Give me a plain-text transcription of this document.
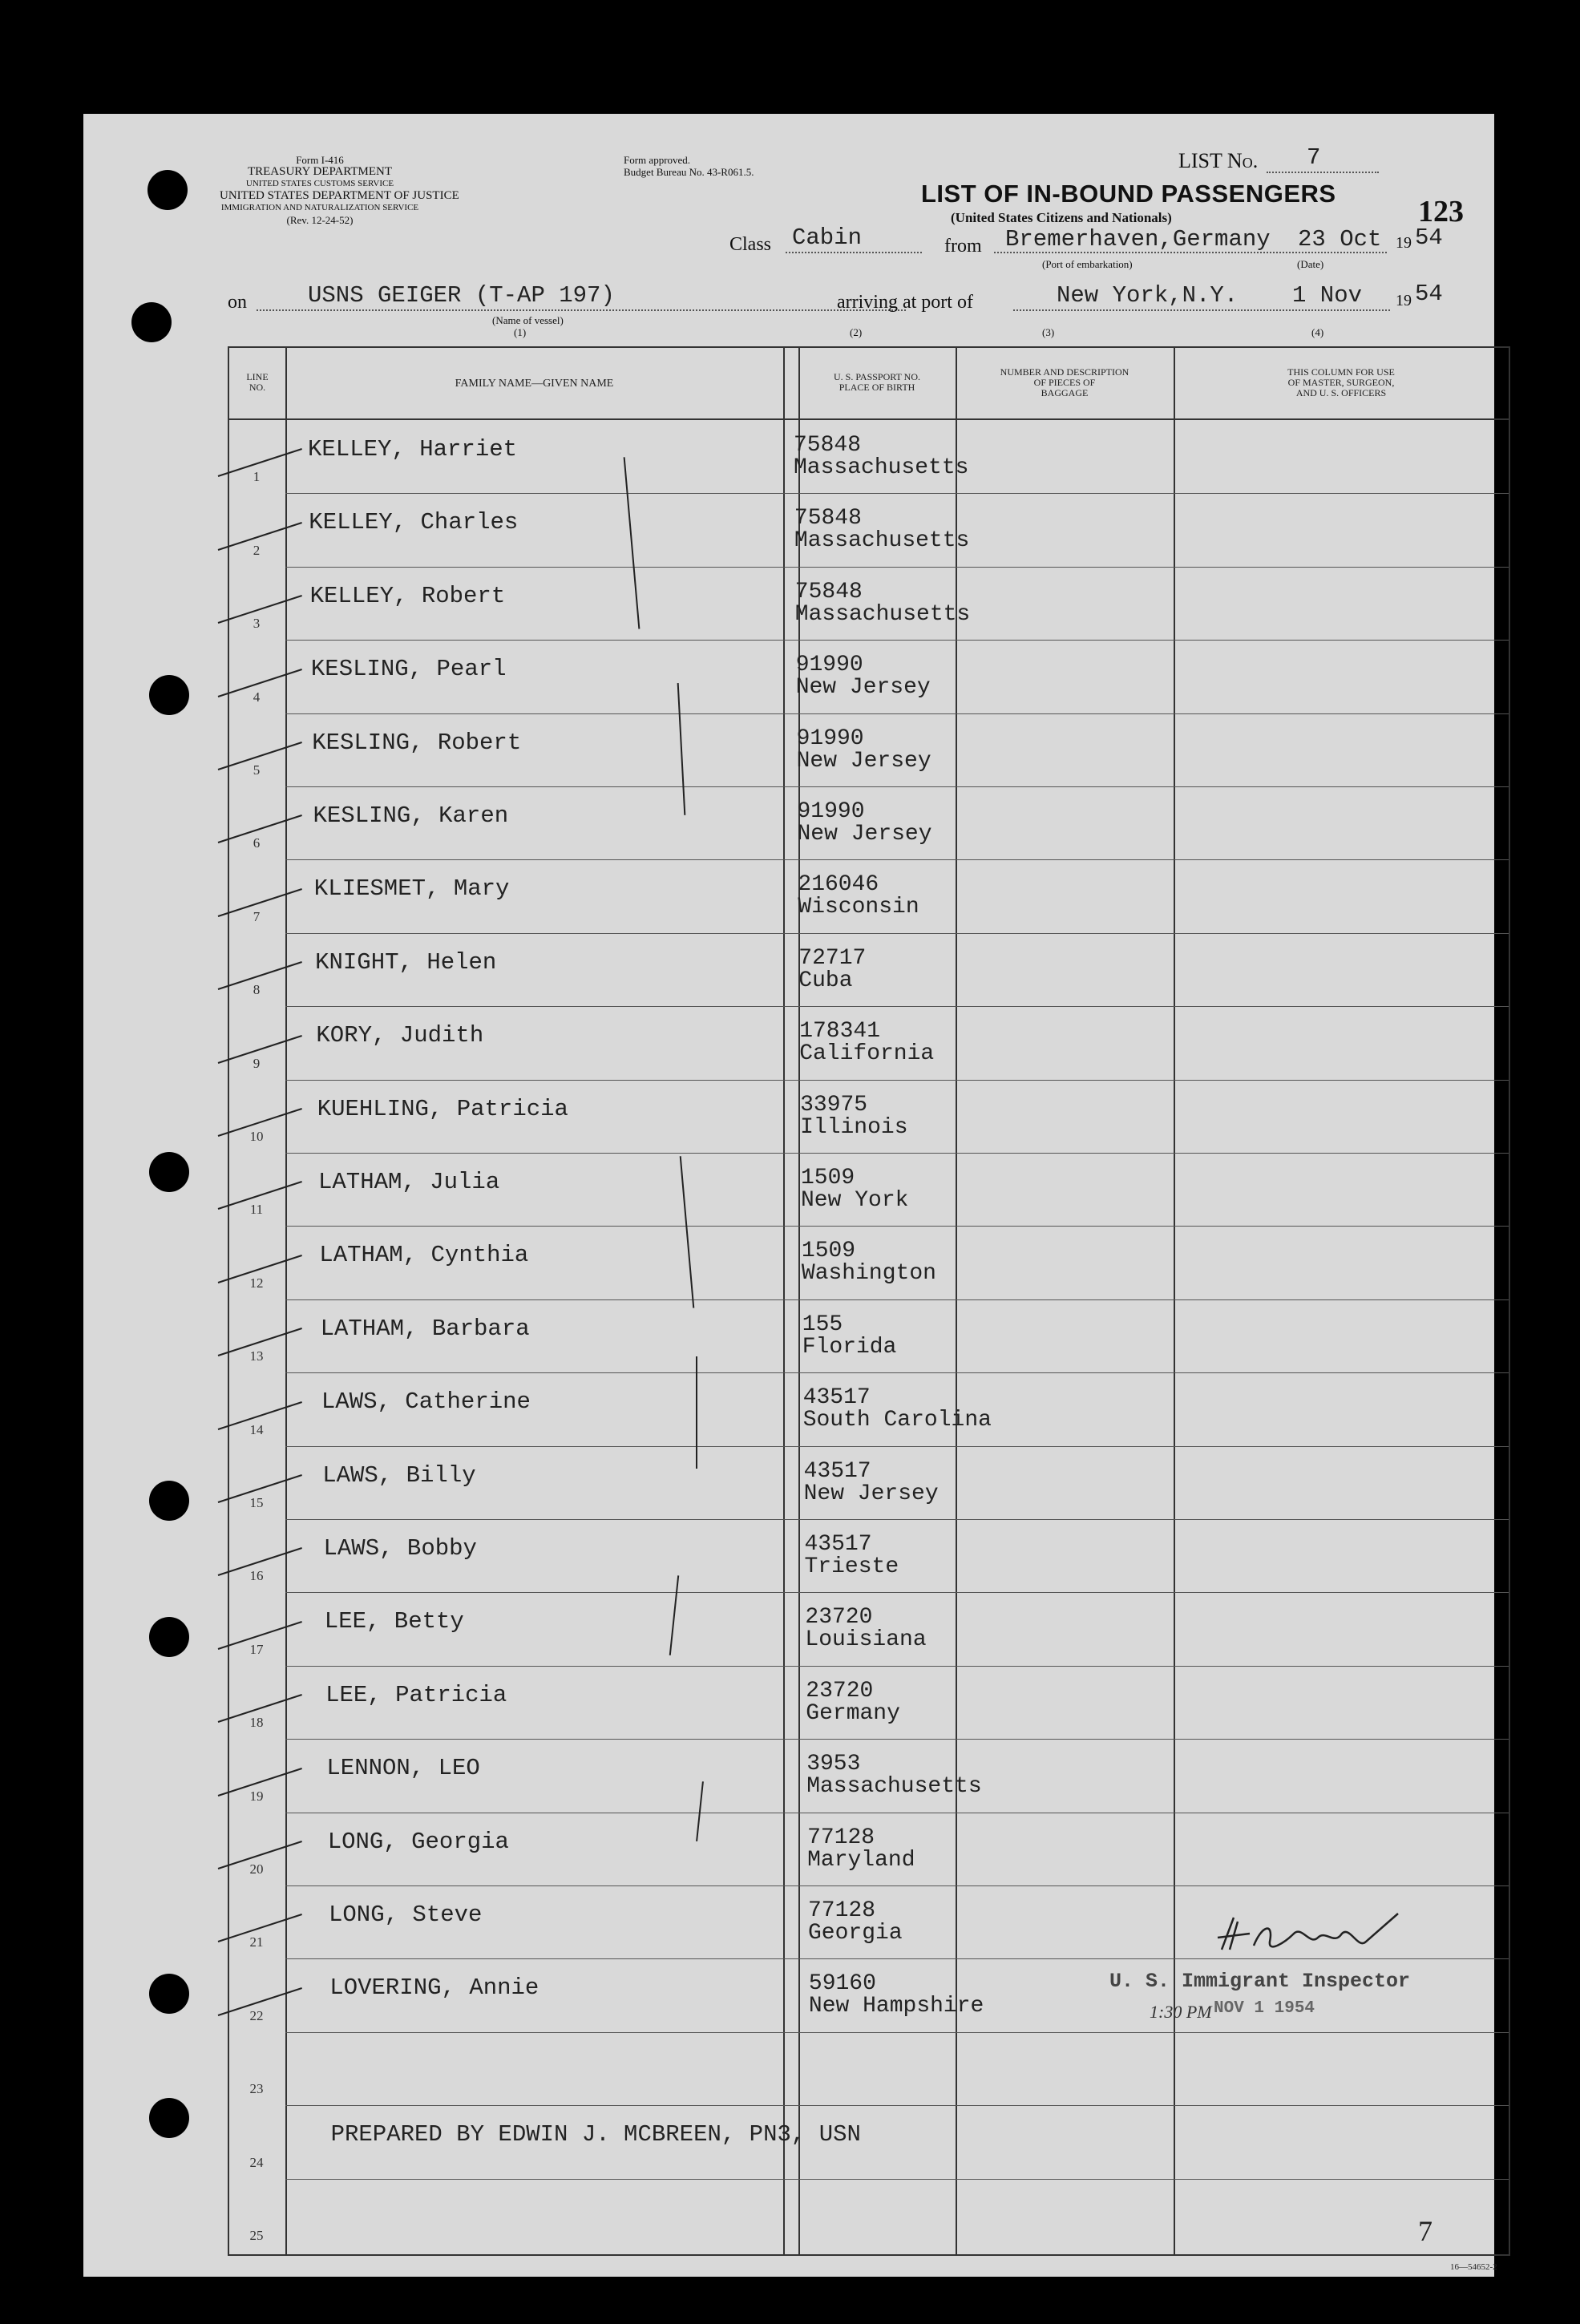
Form I-416
TREASURY DEPARTMENT
UNITED STATES CUSTOMS SERVICE
UNITED STATES DEPARTMENT OF JUSTICE
IMMIGRATION AND NATURALIZATION SERVICE
(Rev. 12-24-52)
Form approved.
Budget Bureau No. 43-R061.5.	LIST No. 7
123
LIST OF IN-BOUND PASSENGERS
(United States Citizens and Nationals)
Class Cabin	from Bremerhaven,Germany 23 Oct 19 54
(Port of embarkation)	(Date)
on	USNS GEIGER (T-AP 197)
(Name of vessel)
(1)
arriving at port of	New York,N.Y. 1 Nov 19 54
(2)	(3)	(4)
LINE
NO.	FAMILY NAME—GIVEN NAME
U. S. PASSPORT NO.
PLACE OF BIRTH
NUMBER AND DESCRIPTION
OF PIECES OF
BAGGAGE
THIS COLUMN FOR USE
OF MASTER, SURGEON,
AND U. S. OFFICERS
1
KELLEY, Harriet	75848
Massachusetts
2
KELLEY, Charles	75848
Massachusetts
3
KELLEY, Robert	75848
Massachusetts
4
KESLING, Pearl	91990
New Jersey
5
KESLING, Robert	91990
New Jersey
6
KESLING, Karen	91990
New Jersey
7
KLIESMET, Mary	216046
Wisconsin
8
KNIGHT, Helen	72717
Cuba
9
KORY, Judith	178341
California
10
KUEHLING, Patricia	33975
Illinois
11
LATHAM, Julia	1509
New York
12
LATHAM, Cynthia	1509
Washington
13
LATHAM, Barbara	155
Florida
14
LAWS, Catherine	43517
South Carolina
15
LAWS, Billy	43517
New Jersey
16
LAWS, Bobby	43517
Trieste
17
LEE, Betty	23720
Louisiana
18
LEE, Patricia	23720
Germany
19
LENNON, LEO	3953
Massachusetts
20
LONG, Georgia	77128
Maryland
21
LONG, Steve	77128
Georgia
22
LOVERING, Annie	59160
New Hampshire
23
24
PREPARED BY EDWIN J. MCBREEN, PN3, USN
25
U. S. Immigrant Inspector
NOV 1 1954
1:30 PM
7
16—54652-2
